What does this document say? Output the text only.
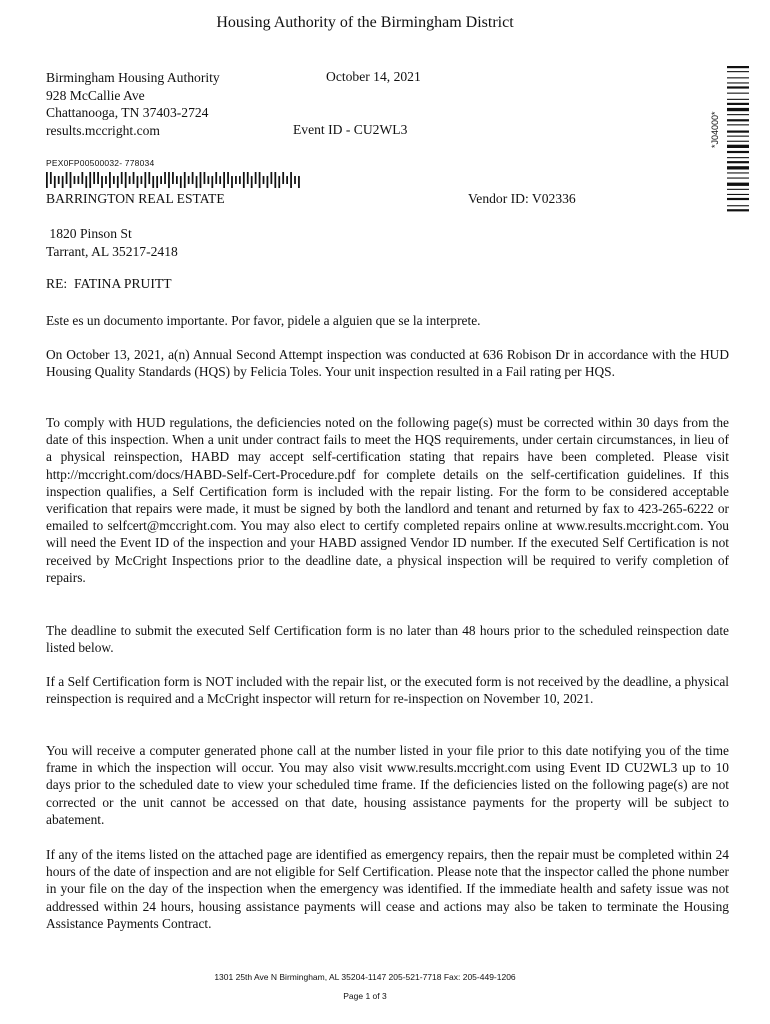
Housing Authority of the Birmingham District
Birmingham Housing Authority
928 McCallie Ave
Chattanooga, TN 37403-2724
results.mccright.com
October 14, 2021
Event ID - CU2WL3
PEX0FP00500032- 778034
BARRINGTON REAL ESTATE	Vendor ID: V02336
1820 Pinson St
Tarrant, AL 35217-2418
RE:  FATINA PRUITT
Este es un documento importante. Por favor, pidele a alguien que se la interprete.
On October 13, 2021, a(n) Annual Second Attempt inspection was conducted at 636 Robison Dr in accordance with the HUD Housing Quality Standards (HQS) by Felicia Toles. Your unit inspection resulted in a Fail rating per HQS.
To comply with HUD regulations, the deficiencies noted on the following page(s) must be corrected within 30 days from the date of this inspection. When a unit under contract fails to meet the HQS requirements, under certain circumstances, in lieu of a physical reinspection, HABD may accept self-certification stating that repairs have been completed. Please visit http://mccright.com/docs/HABD-Self-Cert-Procedure.pdf for complete details on the self-certification guidelines. If this inspection qualifies, a Self Certification form is included with the repair listing. For the form to be considered acceptable verification that repairs were made, it must be signed by both the landlord and tenant and returned by fax to 423-265-6222 or emailed to selfcert@mccright.com. You may also elect to certify completed repairs online at www.results.mccright.com. You will need the Event ID of the inspection and your HABD assigned Vendor ID number. If the executed Self Certification is not received by McCright Inspections prior to the deadline date, a physical inspection will be required to verify completion of repairs.
The deadline to submit the executed Self Certification form is no later than 48 hours prior to the scheduled reinspection date listed below.
If a Self Certification form is NOT included with the repair list, or the executed form is not received by the deadline, a physical reinspection is required and a McCright inspector will return for re-inspection on November 10, 2021.
You will receive a computer generated phone call at the number listed in your file prior to this date notifying you of the time frame in which the inspection will occur. You may also visit www.results.mccright.com using Event ID CU2WL3 up to 10 days prior to the scheduled date to view your scheduled time frame. If the deficiencies listed on the following page(s) are not corrected or the unit cannot be accessed on that date, housing assistance payments for the property will be subject to abatement.
If any of the items listed on the attached page are identified as emergency repairs, then the repair must be completed within 24 hours of the date of inspection and are not eligible for Self Certification. Please note that the inspector called the phone number in your file on the day of the inspection when the emergency was identified. If the immediate health and safety issue was not addressed within 24 hours, housing assistance payments will cease and actions may also be taken to terminate the Housing Assistance Payments Contract.
*J04000*
1301 25th Ave N Birmingham, AL 35204-1147 205-521-7718 Fax: 205-449-1206
Page 1 of 3
